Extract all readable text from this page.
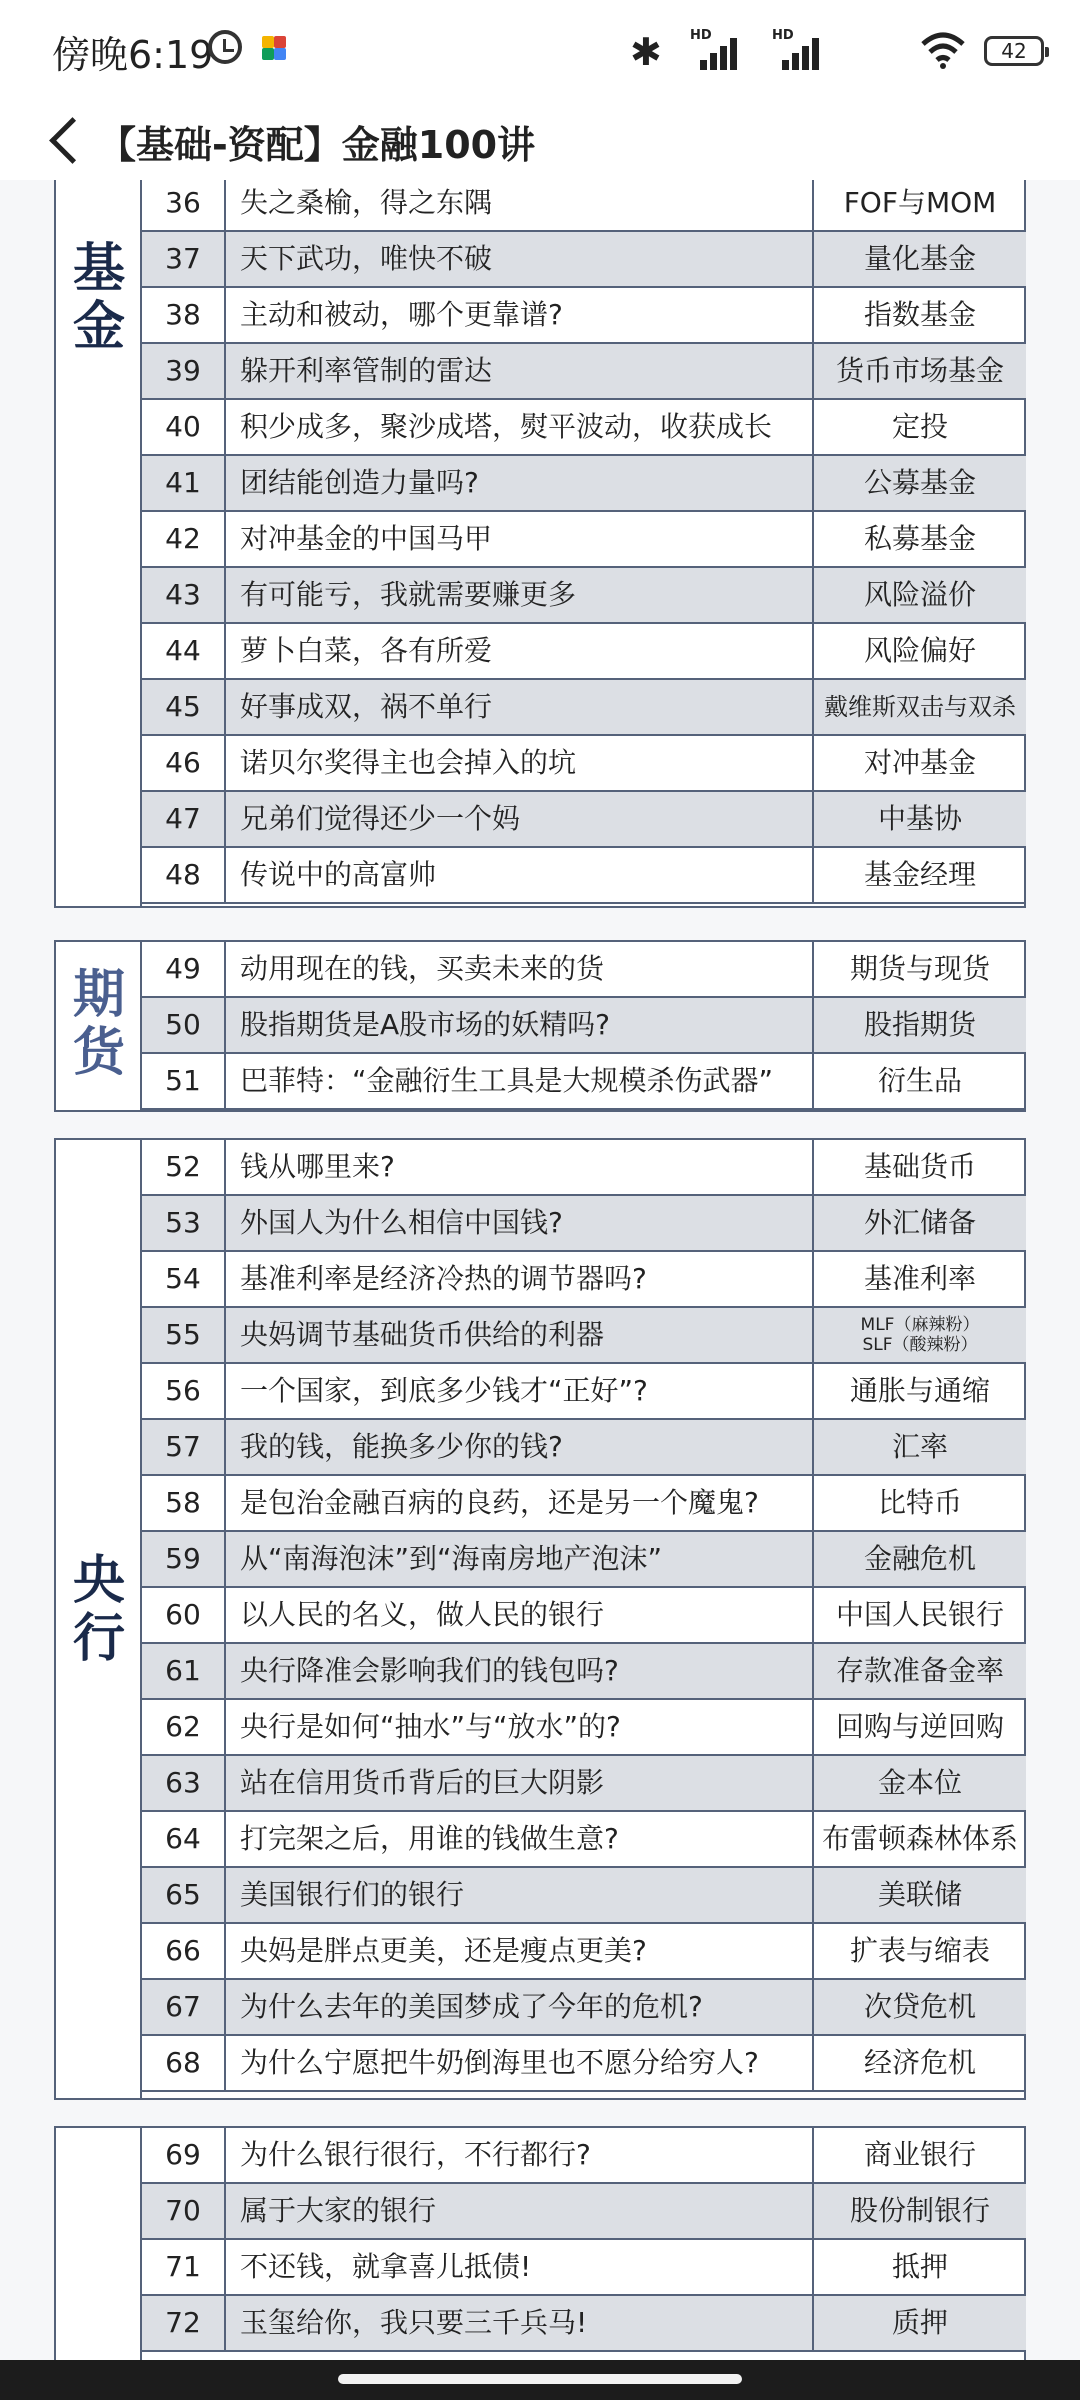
傍晚6:19	✱ HD	HD
42
【基础-资配】金融100讲
基
金
36	失之桑榆，得之东隅	FOF与MOM
37	天下武功，唯快不破	量化基金
38	主动和被动，哪个更靠谱?	指数基金
39	躲开利率管制的雷达	货币市场基金
40	积少成多，聚沙成塔，熨平波动，收获成长	定投
41	团结能创造力量吗?	公募基金
42	对冲基金的中国马甲	私募基金
43	有可能亏，我就需要赚更多	风险溢价
44	萝卜白菜，各有所爱	风险偏好
45	好事成双，祸不单行	戴维斯双击与双杀
46	诺贝尔奖得主也会掉入的坑	对冲基金
47	兄弟们觉得还少一个妈	中基协
48	传说中的高富帅	基金经理
期
货
49	动用现在的钱，买卖未来的货	期货与现货
50	股指期货是A股市场的妖精吗?	股指期货
51	巴菲特：“金融衍生工具是大规模杀伤武器”	衍生品
央
行
52	钱从哪里来?	基础货币
53	外国人为什么相信中国钱?	外汇储备
54	基准利率是经济冷热的调节器吗?	基准利率
55	央妈调节基础货币供给的利器	MLF（麻辣粉）
SLF（酸辣粉）
56	一个国家，到底多少钱才“正好”?	通胀与通缩
57	我的钱，能换多少你的钱?	汇率
58	是包治金融百病的良药，还是另一个魔鬼?	比特币
59	从“南海泡沫”到“海南房地产泡沫”	金融危机
60	以人民的名义，做人民的银行	中国人民银行
61	央行降准会影响我们的钱包吗?	存款准备金率
62	央行是如何“抽水”与“放水”的?	回购与逆回购
63	站在信用货币背后的巨大阴影	金本位
64	打完架之后，用谁的钱做生意?	布雷顿森林体系
65	美国银行们的银行	美联储
66	央妈是胖点更美，还是瘦点更美?	扩表与缩表
67	为什么去年的美国梦成了今年的危机?	次贷危机
68	为什么宁愿把牛奶倒海里也不愿分给穷人?	经济危机
69	为什么银行很行，不行都行?	商业银行
70	属于大家的银行	股份制银行
71	不还钱，就拿喜儿抵债!	抵押
72	玉玺给你，我只要三千兵马!	质押
